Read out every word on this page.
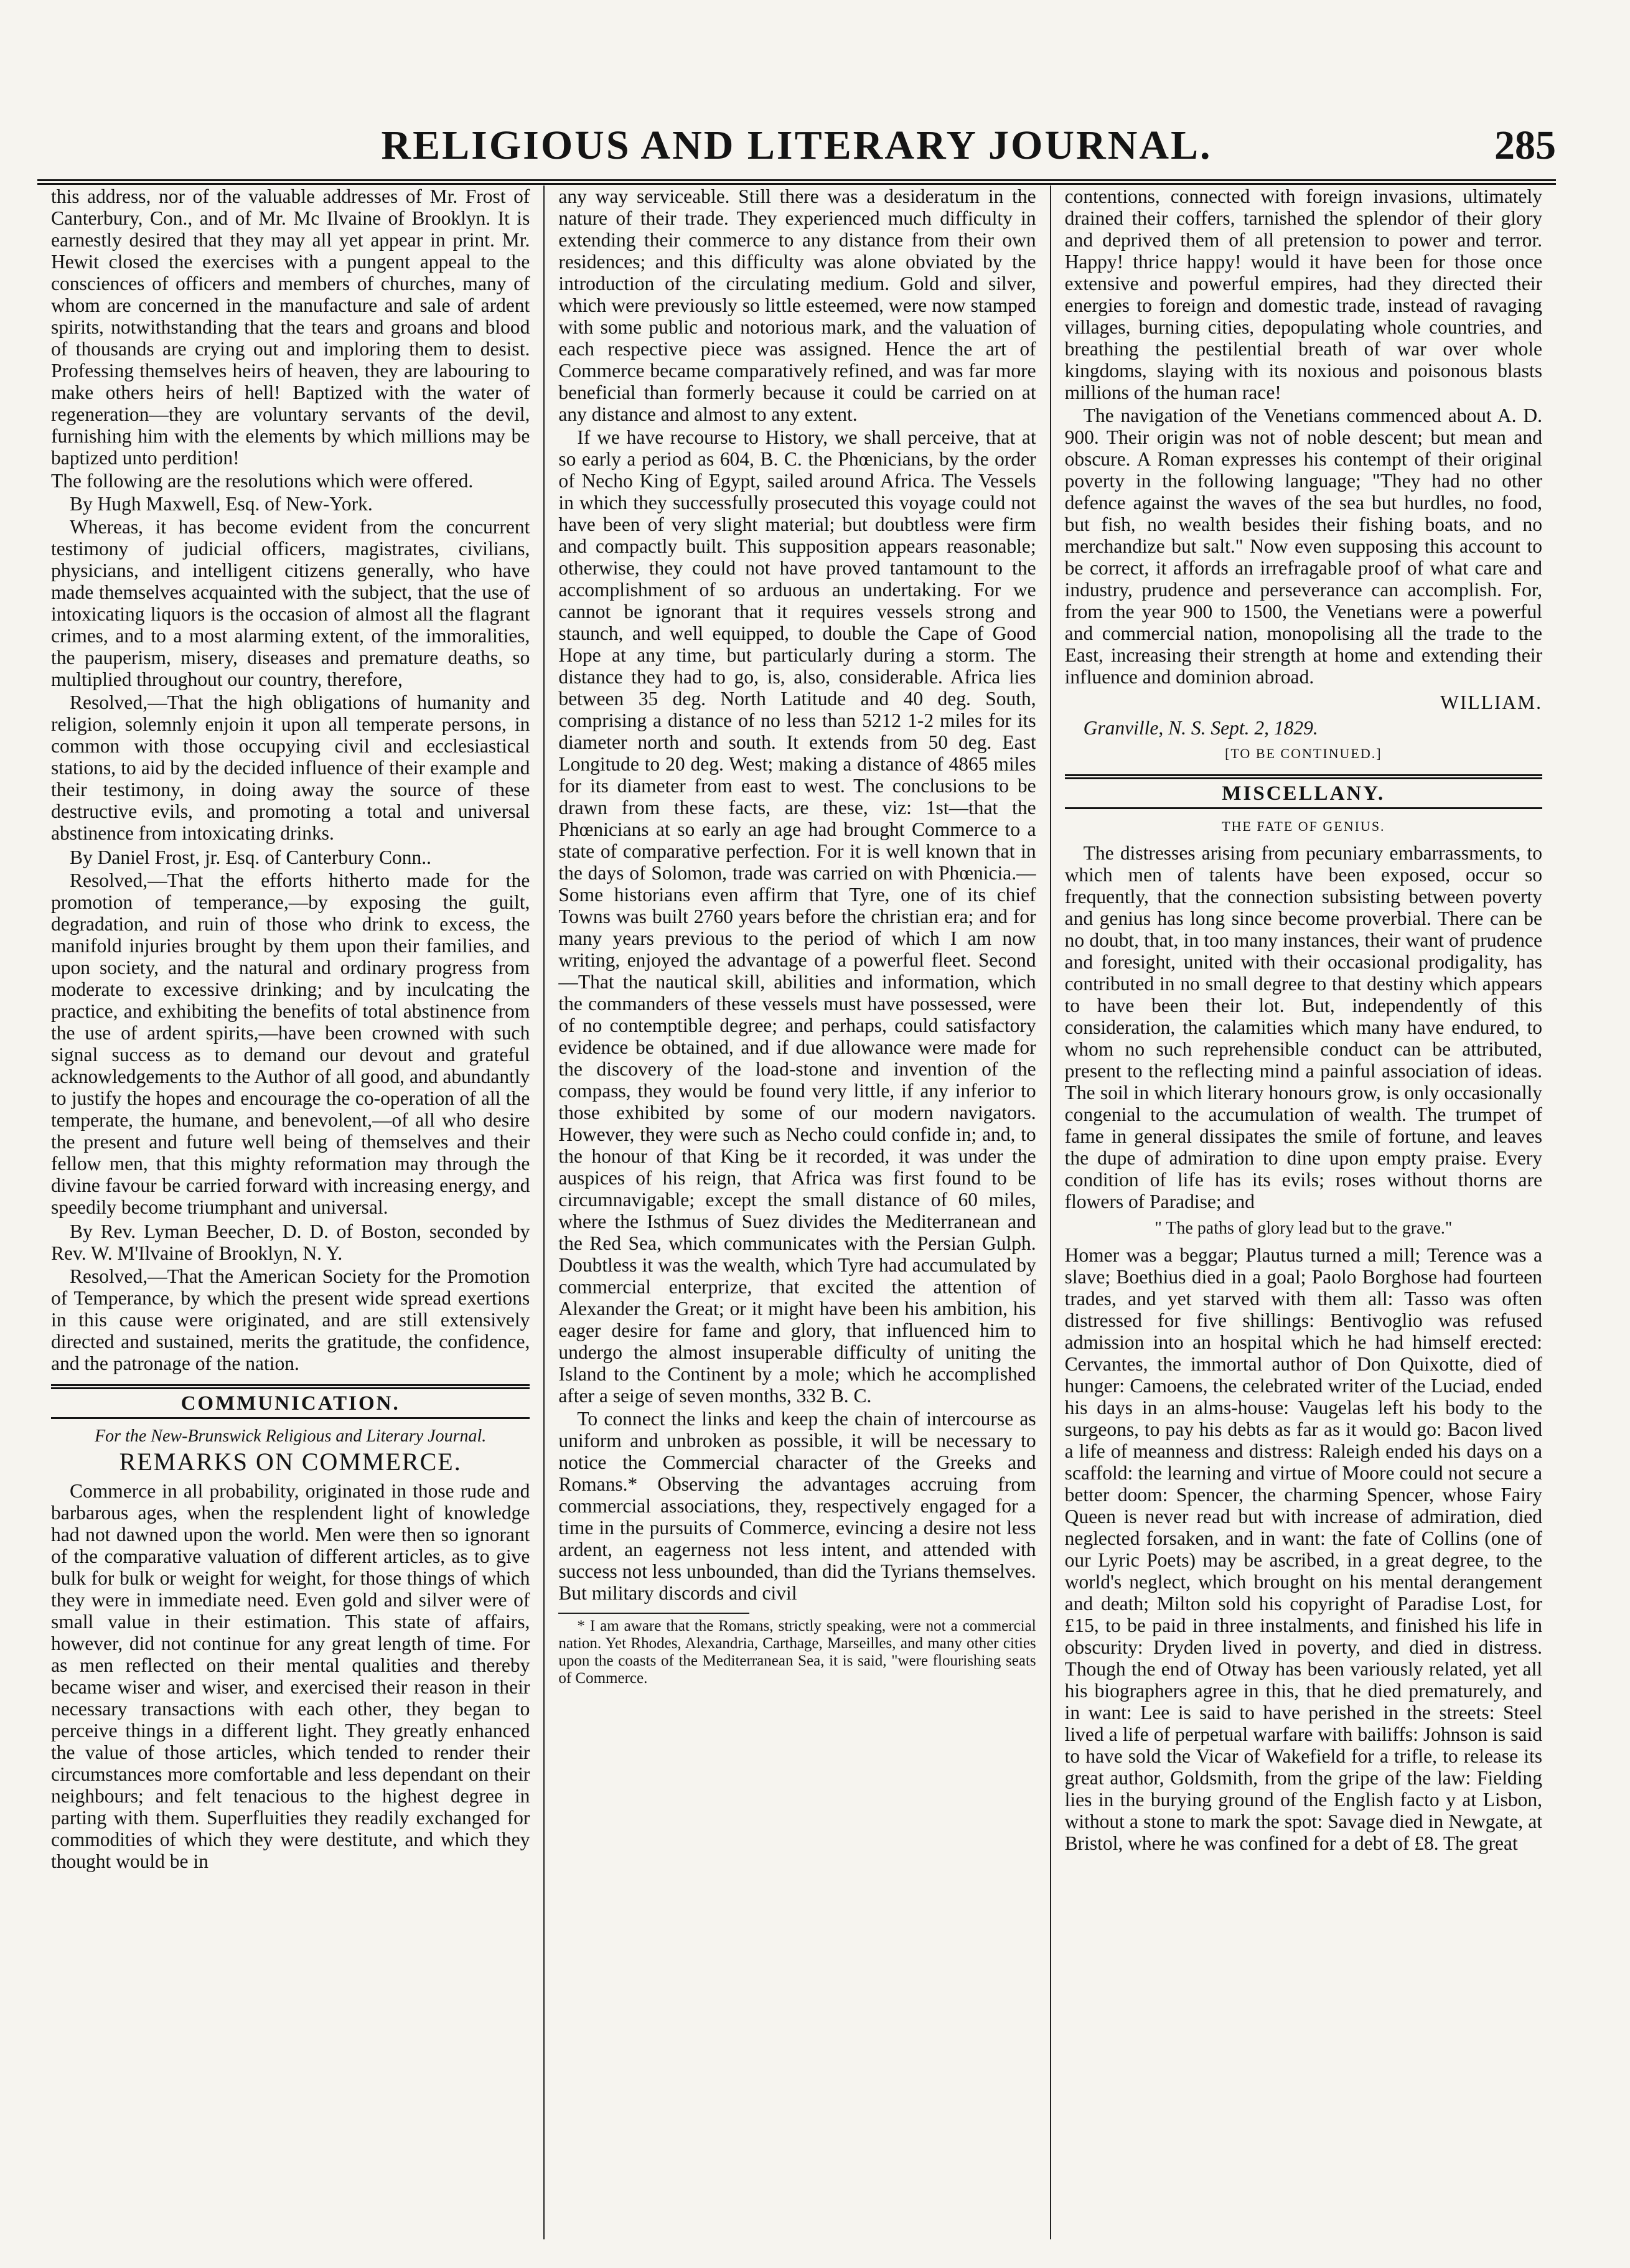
RELIGIOUS AND LITERARY JOURNAL.	285

this address, nor of the valuable addresses of Mr. Frost of Canterbury, Con., and of Mr. Mc Ilvaine of Brooklyn. It is earnestly desired that they may all yet appear in print. Mr. Hewit closed the exercises with a pungent appeal to the consciences of officers and members of churches, many of whom are concerned in the manufacture and sale of ardent spirits, notwithstanding that the tears and groans and blood of thousands are crying out and imploring them to desist. Professing themselves heirs of heaven, they are labouring to make others heirs of hell! Baptized with the water of regeneration—they are voluntary servants of the devil, furnishing him with the elements by which millions may be baptized unto perdition!

The following are the resolutions which were offered.

By Hugh Maxwell, Esq. of New-York.

Whereas, it has become evident from the concurrent testimony of judicial officers, magistrates, civilians, physicians, and intelligent citizens generally, who have made themselves acquainted with the subject, that the use of intoxicating liquors is the occasion of almost all the flagrant crimes, and to a most alarming extent, of the immoralities, the pauperism, misery, diseases and premature deaths, so multiplied throughout our country, therefore,

Resolved,—That the high obligations of humanity and religion, solemnly enjoin it upon all temperate persons, in common with those occupying civil and ecclesiastical stations, to aid by the decided influence of their example and their testimony, in doing away the source of these destructive evils, and promoting a total and universal abstinence from intoxicating drinks.

By Daniel Frost, jr. Esq. of Canterbury Conn..

Resolved,—That the efforts hitherto made for the promotion of temperance,—by exposing the guilt, degradation, and ruin of those who drink to excess, the manifold injuries brought by them upon their families, and upon society, and the natural and ordinary progress from moderate to excessive drinking; and by inculcating the practice, and exhibiting the benefits of total abstinence from the use of ardent spirits,—have been crowned with such signal success as to demand our devout and grateful acknowledgements to the Author of all good, and abundantly to justify the hopes and encourage the co-operation of all the temperate, the humane, and benevolent,—of all who desire the present and future well being of themselves and their fellow men, that this mighty reformation may through the divine favour be carried forward with increasing energy, and speedily become triumphant and universal.

By Rev. Lyman Beecher, D. D. of Boston, seconded by Rev. W. M'Ilvaine of Brooklyn, N. Y.

Resolved,—That the American Society for the Promotion of Temperance, by which the present wide spread exertions in this cause were originated, and are still extensively directed and sustained, merits the gratitude, the confidence, and the patronage of the nation.

COMMUNICATION.
For the New-Brunswick Religious and Literary Journal.
REMARKS ON COMMERCE.

Commerce in all probability, originated in those rude and barbarous ages, when the resplendent light of knowledge had not dawned upon the world. Men were then so ignorant of the comparative valuation of different articles, as to give bulk for bulk or weight for weight, for those things of which they were in immediate need. Even gold and silver were of small value in their estimation. This state of affairs, however, did not continue for any great length of time. For as men reflected on their mental qualities and thereby became wiser and wiser, and exercised their reason in their necessary transactions with each other, they began to perceive things in a different light. They greatly enhanced the value of those articles, which tended to render their circumstances more comfortable and less dependant on their neighbours; and felt tenacious to the highest degree in parting with them. Superfluities they readily exchanged for commodities of which they were destitute, and which they thought would be in

any way serviceable. Still there was a desideratum in the nature of their trade. They experienced much difficulty in extending their commerce to any distance from their own residences; and this difficulty was alone obviated by the introduction of the circulating medium. Gold and silver, which were previously so little esteemed, were now stamped with some public and notorious mark, and the valuation of each respective piece was assigned. Hence the art of Commerce became comparatively refined, and was far more beneficial than formerly because it could be carried on at any distance and almost to any extent.

If we have recourse to History, we shall perceive, that at so early a period as 604, B. C. the Phœnicians, by the order of Necho King of Egypt, sailed around Africa. The Vessels in which they successfully prosecuted this voyage could not have been of very slight material; but doubtless were firm and compactly built. This supposition appears reasonable; otherwise, they could not have proved tantamount to the accomplishment of so arduous an undertaking. For we cannot be ignorant that it requires vessels strong and staunch, and well equipped, to double the Cape of Good Hope at any time, but particularly during a storm. The distance they had to go, is, also, considerable. Africa lies between 35 deg. North Latitude and 40 deg. South, comprising a distance of no less than 5212 1-2 miles for its diameter north and south. It extends from 50 deg. East Longitude to 20 deg. West; making a distance of 4865 miles for its diameter from east to west. The conclusions to be drawn from these facts, are these, viz: 1st—that the Phœnicians at so early an age had brought Commerce to a state of comparative perfection. For it is well known that in the days of Solomon, trade was carried on with Phœnicia.—Some historians even affirm that Tyre, one of its chief Towns was built 2760 years before the christian era; and for many years previous to the period of which I am now writing, enjoyed the advantage of a powerful fleet. Second—That the nautical skill, abilities and information, which the commanders of these vessels must have possessed, were of no contemptible degree; and perhaps, could satisfactory evidence be obtained, and if due allowance were made for the discovery of the load-stone and invention of the compass, they would be found very little, if any inferior to those exhibited by some of our modern navigators. However, they were such as Necho could confide in; and, to the honour of that King be it recorded, it was under the auspices of his reign, that Africa was first found to be circumnavigable; except the small distance of 60 miles, where the Isthmus of Suez divides the Mediterranean and the Red Sea, which communicates with the Persian Gulph. Doubtless it was the wealth, which Tyre had accumulated by commercial enterprize, that excited the attention of Alexander the Great; or it might have been his ambition, his eager desire for fame and glory, that influenced him to undergo the almost insuperable difficulty of uniting the Island to the Continent by a mole; which he accomplished after a seige of seven months, 332 B. C.

To connect the links and keep the chain of intercourse as uniform and unbroken as possible, it will be necessary to notice the Commercial character of the Greeks and Romans.* Observing the advantages accruing from commercial associations, they, respectively engaged for a time in the pursuits of Commerce, evincing a desire not less ardent, an eagerness not less intent, and attended with success not less unbounded, than did the Tyrians themselves. But military discords and civil

* I am aware that the Romans, strictly speaking, were not a commercial nation. Yet Rhodes, Alexandria, Carthage, Marseilles, and many other cities upon the coasts of the Mediterranean Sea, it is said, "were flourishing seats of Commerce.

contentions, connected with foreign invasions, ultimately drained their coffers, tarnished the splendor of their glory and deprived them of all pretension to power and terror. Happy! thrice happy! would it have been for those once extensive and powerful empires, had they directed their energies to foreign and domestic trade, instead of ravaging villages, burning cities, depopulating whole countries, and breathing the pestilential breath of war over whole kingdoms, slaying with its noxious and poisonous blasts millions of the human race!

The navigation of the Venetians commenced about A. D. 900. Their origin was not of noble descent; but mean and obscure. A Roman expresses his contempt of their original poverty in the following language; "They had no other defence against the waves of the sea but hurdles, no food, but fish, no wealth besides their fishing boats, and no merchandize but salt." Now even supposing this account to be correct, it affords an irrefragable proof of what care and industry, prudence and perseverance can accomplish. For, from the year 900 to 1500, the Venetians were a powerful and commercial nation, monopolising all the trade to the East, increasing their strength at home and extending their influence and dominion abroad.

WILLIAM.
Granville, N. S. Sept. 2, 1829.
[TO BE CONTINUED.]
MISCELLANY.
THE FATE OF GENIUS.

The distresses arising from pecuniary embarrassments, to which men of talents have been exposed, occur so frequently, that the connection subsisting between poverty and genius has long since become proverbial. There can be no doubt, that, in too many instances, their want of prudence and foresight, united with their occasional prodigality, has contributed in no small degree to that destiny which appears to have been their lot. But, independently of this consideration, the calamities which many have endured, to whom no such reprehensible conduct can be attributed, present to the reflecting mind a painful association of ideas. The soil in which literary honours grow, is only occasionally congenial to the accumulation of wealth. The trumpet of fame in general dissipates the smile of fortune, and leaves the dupe of admiration to dine upon empty praise. Every condition of life has its evils; roses without thorns are flowers of Paradise; and

" The paths of glory lead but to the grave."

Homer was a beggar; Plautus turned a mill; Terence was a slave; Boethius died in a goal; Paolo Borghose had fourteen trades, and yet starved with them all: Tasso was often distressed for five shillings: Bentivoglio was refused admission into an hospital which he had himself erected: Cervantes, the immortal author of Don Quixotte, died of hunger: Camoens, the celebrated writer of the Luciad, ended his days in an alms-house: Vaugelas left his body to the surgeons, to pay his debts as far as it would go: Bacon lived a life of meanness and distress: Raleigh ended his days on a scaffold: the learning and virtue of Moore could not secure a better doom: Spencer, the charming Spencer, whose Fairy Queen is never read but with increase of admiration, died neglected forsaken, and in want: the fate of Collins (one of our Lyric Poets) may be ascribed, in a great degree, to the world's neglect, which brought on his mental derangement and death; Milton sold his copyright of Paradise Lost, for £15, to be paid in three instalments, and finished his life in obscurity: Dryden lived in poverty, and died in distress. Though the end of Otway has been variously related, yet all his biographers agree in this, that he died prematurely, and in want: Lee is said to have perished in the streets: Steel lived a life of perpetual warfare with bailiffs: Johnson is said to have sold the Vicar of Wakefield for a trifle, to release its great author, Goldsmith, from the gripe of the law: Fielding lies in the burying ground of the English facto y at Lisbon, without a stone to mark the spot: Savage died in Newgate, at Bristol, where he was confined for a debt of £8. The great
